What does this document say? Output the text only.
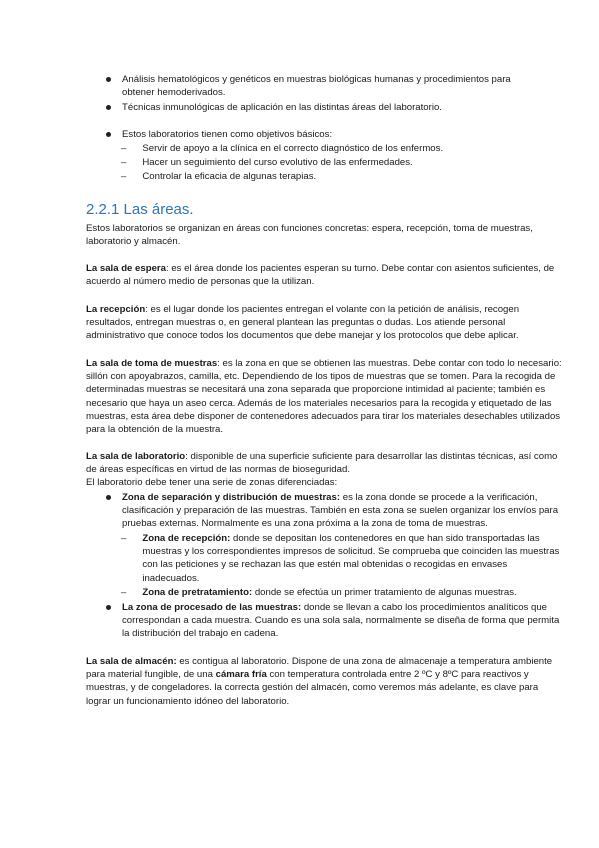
Análisis hematológicos y genéticos en muestras biológicas humanas y procedimientos para obtener hemoderivados.
Técnicas inmunológicas de aplicación en las distintas áreas del laboratorio.
Estos laboratorios tienen como objetivos básicos:
– Servir de apoyo a la clínica en el correcto diagnóstico de los enfermos.
– Hacer un seguimiento del curso evolutivo de las enfermedades.
– Controlar la eficacia de algunas terapias.
2.2.1 Las áreas.
Estos laboratorios se organizan en áreas con funciones concretas: espera, recepción, toma de muestras, laboratorio y almacén.
La sala de espera: es el área donde los pacientes esperan su turno. Debe contar con asientos suficientes, de acuerdo al número medio de personas que la utilizan.
La recepción: es el lugar donde los pacientes entregan el volante con la petición de análisis, recogen resultados, entregan muestras o, en general plantean las preguntas o dudas. Los atiende personal administrativo que conoce todos los documentos que debe manejar y los protocolos que debe aplicar.
La sala de toma de muestras: es la zona en que se obtienen las muestras. Debe contar con todo lo necesario: sillón con apoyabrazos, camilla, etc. Dependiendo de los tipos de muestras que se tomen. Para la recogida de determinadas muestras se necesitará una zona separada que proporcione intimidad al paciente; también es necesario que haya un aseo cerca. Además de los materiales necesarios para la recogida y etiquetado de las muestras, esta área debe disponer de contenedores adecuados para tirar los materiales desechables utilizados para la obtención de la muestra.
La sala de laboratorio: disponible de una superficie suficiente para desarrollar las distintas técnicas, así como de áreas específicas en virtud de las normas de bioseguridad.
El laboratorio debe tener una serie de zonas diferenciadas:
Zona de separación y distribución de muestras: es la zona donde se procede a la verificación, clasificación y preparación de las muestras. También en esta zona se suelen organizar los envíos para pruebas externas. Normalmente es una zona próxima a la zona de toma de muestras.
– Zona de recepción: donde se depositan los contenedores en que han sido transportadas las muestras y los correspondientes impresos de solicitud. Se comprueba que coinciden las muestras con las peticiones y se rechazan las que estén mal obtenidas o recogidas en envases inadecuados.
– Zona de pretratamiento: donde se efectúa un primer tratamiento de algunas muestras.
La zona de procesado de las muestras: donde se llevan a cabo los procedimientos analíticos que correspondan a cada muestra. Cuando es una sola sala, normalmente se diseña de forma que permita la distribución del trabajo en cadena.
La sala de almacén: es contigua al laboratorio. Dispone de una zona de almacenaje a temperatura ambiente para material fungible, de una cámara fría con temperatura controlada entre 2 ºC y 8ºC para reactivos y muestras, y de congeladores. la correcta gestión del almacén, como veremos más adelante, es clave para lograr un funcionamiento idóneo del laboratorio.
